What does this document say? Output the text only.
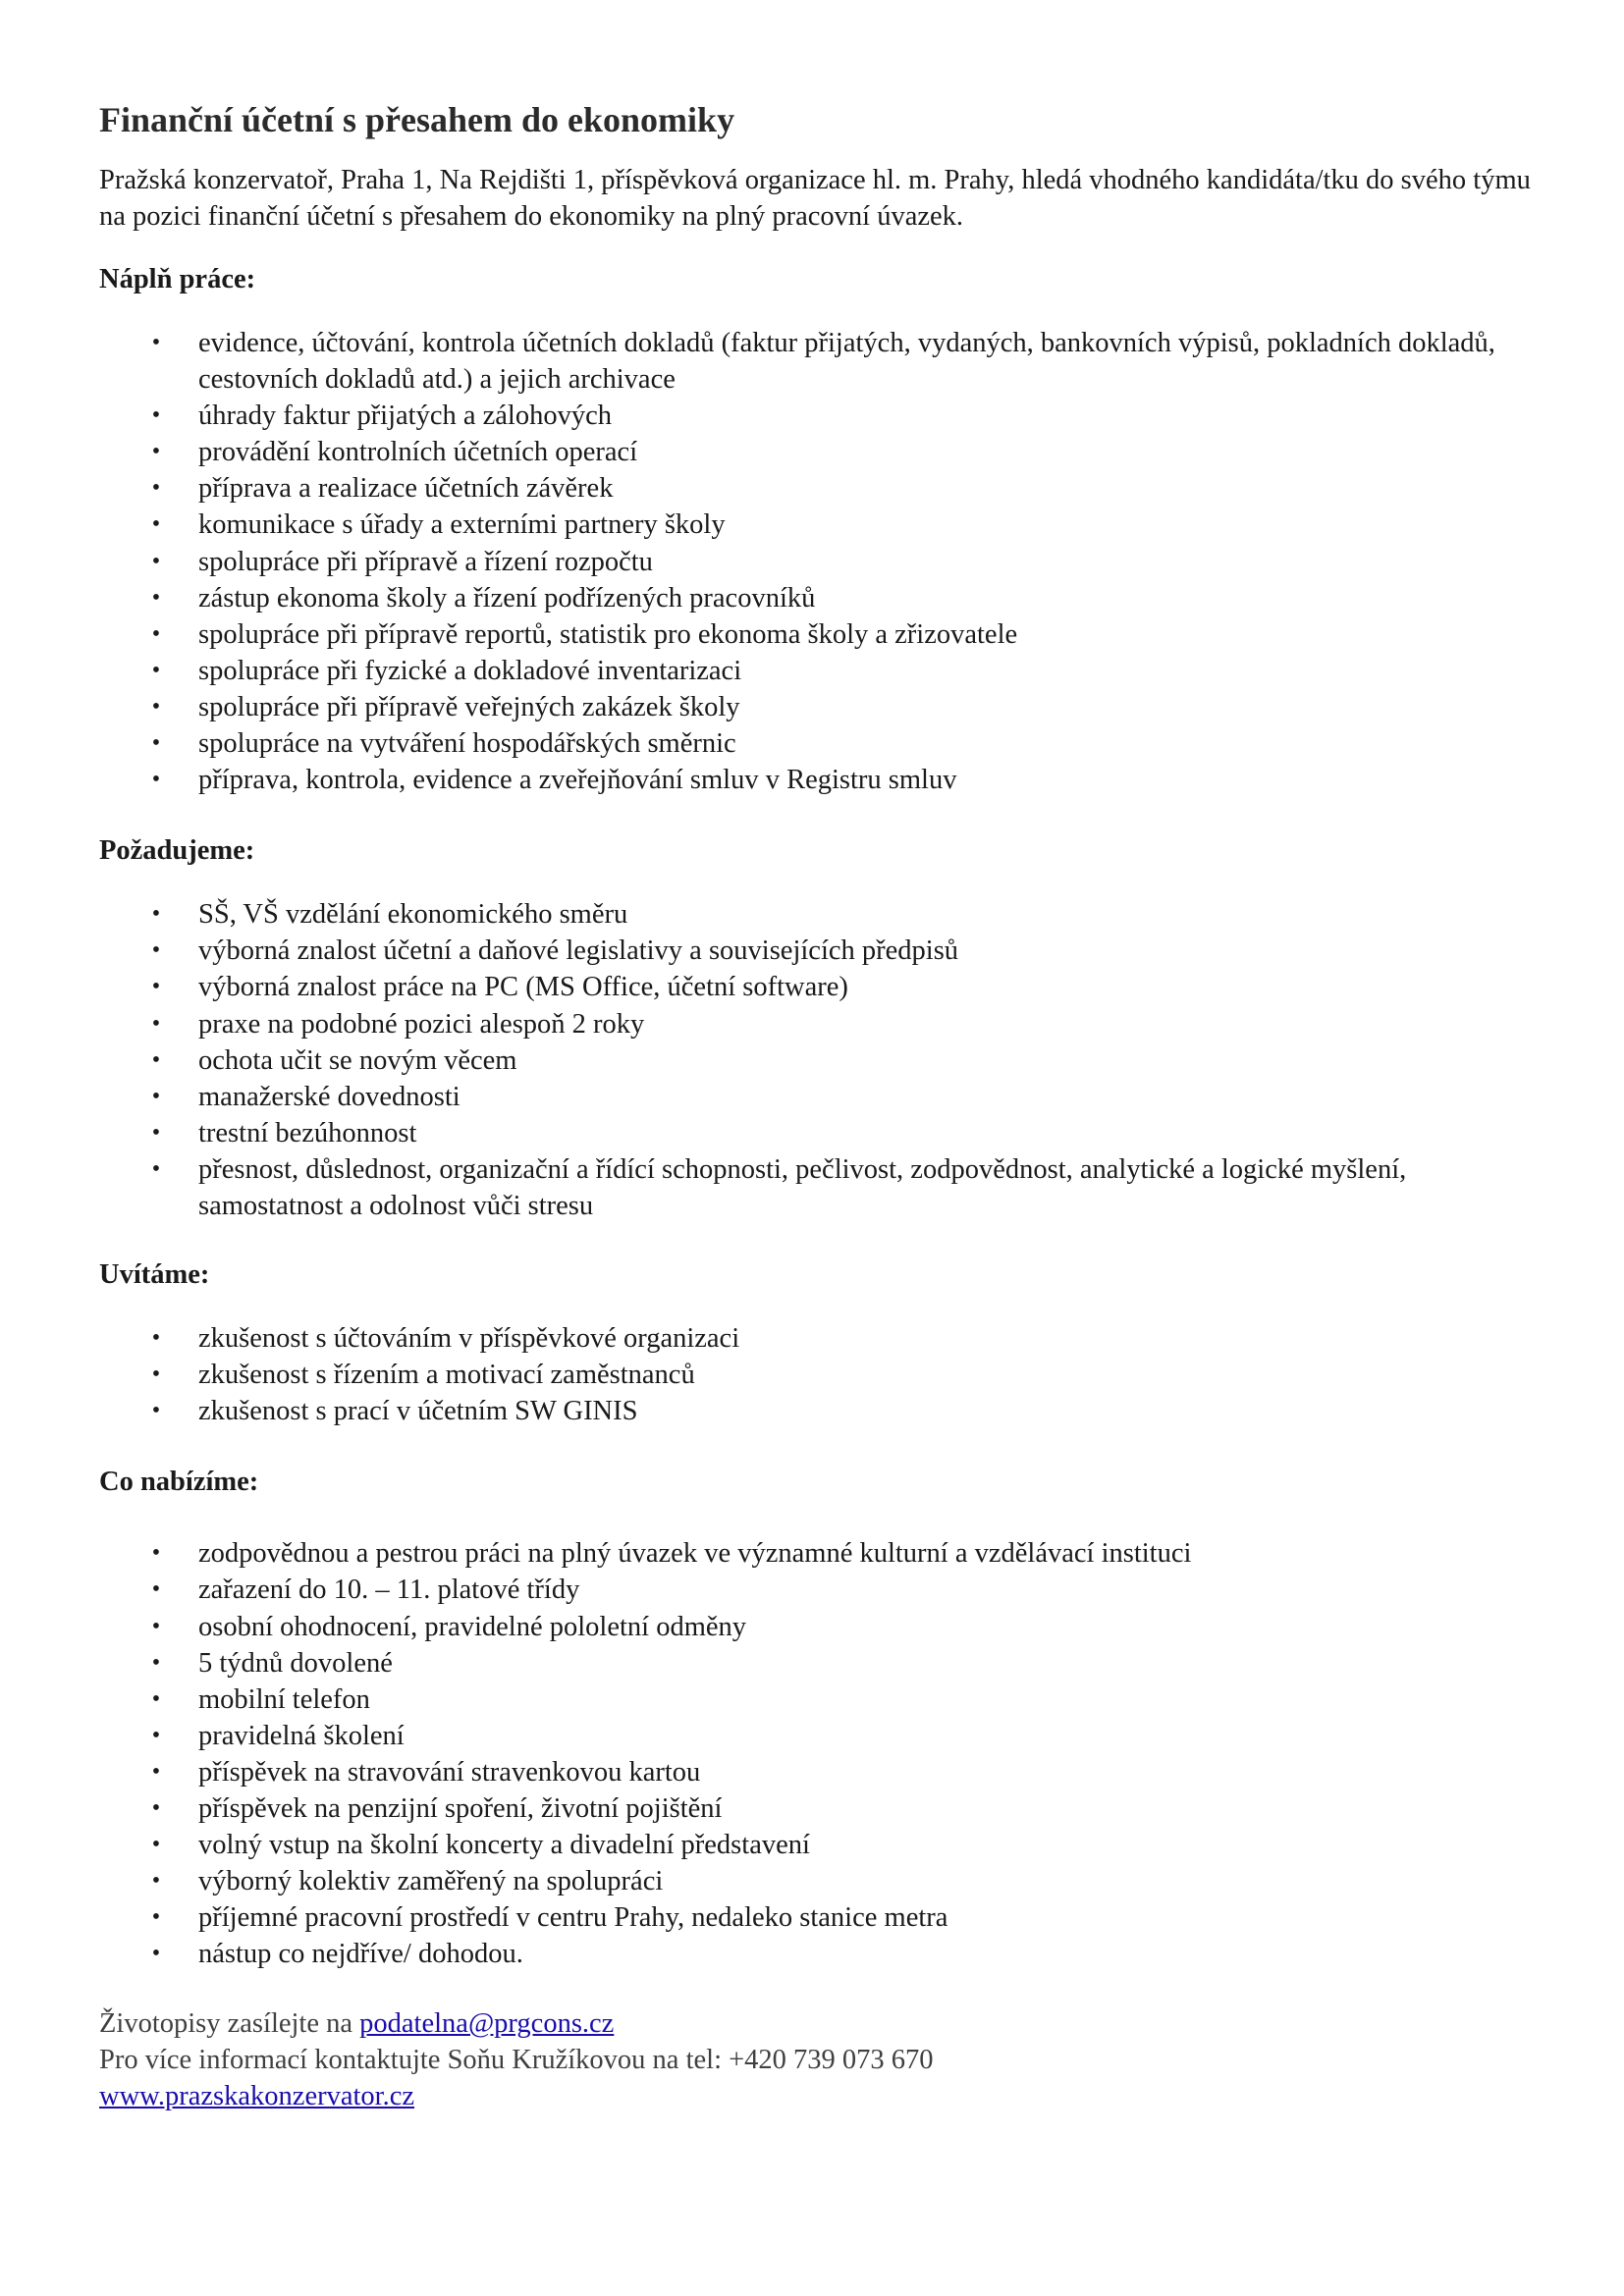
Finanční účetní s přesahem do ekonomiky

Pražská konzervatoř, Praha 1, Na Rejdišti 1, příspěvková organizace hl. m. Prahy, hledá vhodného kandidáta/tku do svého týmu na pozici finanční účetní s přesahem do ekonomiky na plný pracovní úvazek.

Náplň práce:
• evidence, účtování, kontrola účetních dokladů (faktur přijatých, vydaných, bankovních výpisů, pokladních dokladů, cestovních dokladů atd.) a jejich archivace
• úhrady faktur přijatých a zálohových
• provádění kontrolních účetních operací
• příprava a realizace účetních závěrek
• komunikace s úřady a externími partnery školy
• spolupráce při přípravě a řízení rozpočtu
• zástup ekonoma školy a řízení podřízených pracovníků
• spolupráce při přípravě reportů, statistik pro ekonoma školy a zřizovatele
• spolupráce při fyzické a dokladové inventarizaci
• spolupráce při přípravě veřejných zakázek školy
• spolupráce na vytváření hospodářských směrnic
• příprava, kontrola, evidence a zveřejňování smluv v Registru smluv
Požadujeme:
• SŠ, VŠ vzdělání ekonomického směru
• výborná znalost účetní a daňové legislativy a souvisejících předpisů
• výborná znalost práce na PC (MS Office, účetní software)
• praxe na podobné pozici alespoň 2 roky
• ochota učit se novým věcem
• manažerské dovednosti
• trestní bezúhonnost
• přesnost, důslednost, organizační a řídící schopnosti, pečlivost, zodpovědnost, analytické a logické myšlení, samostatnost a odolnost vůči stresu
Uvítáme:
• zkušenost s účtováním v příspěvkové organizaci
• zkušenost s řízením a motivací zaměstnanců
• zkušenost s prací v účetním SW GINIS
Co nabízíme:
• zodpovědnou a pestrou práci na plný úvazek ve významné kulturní a vzdělávací instituci
• zařazení do 10. – 11. platové třídy
• osobní ohodnocení, pravidelné pololetní odměny
• 5 týdnů dovolené
• mobilní telefon
• pravidelná školení
• příspěvek na stravování stravenkovou kartou
• příspěvek na penzijní spoření, životní pojištění
• volný vstup na školní koncerty a divadelní představení
• výborný kolektiv zaměřený na spolupráci
• příjemné pracovní prostředí v centru Prahy, nedaleko stanice metra
• nástup co nejdříve/ dohodou.
Životopisy zasílejte na podatelna@prgcons.cz
Pro více informací kontaktujte Soňu Kružíkovou na tel: +420 739 073 670
www.prazskakonzervator.cz
